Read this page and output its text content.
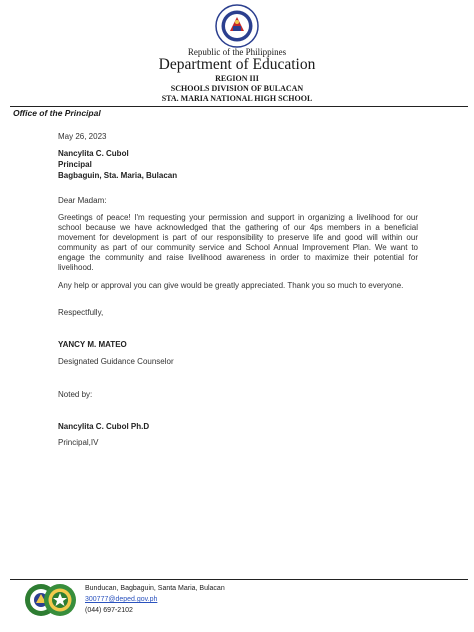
Republic of the Philippines
Department of Education
REGION III
SCHOOLS DIVISION OF BULACAN
STA. MARIA NATIONAL HIGH SCHOOL
Office of the Principal
May 26, 2023
Nancylita C. Cubol
Principal
Bagbaguin, Sta. Maria, Bulacan
Dear Madam:
Greetings of peace! I'm requesting your permission and support in organizing a livelihood for our school because we have acknowledged that the gathering of our 4ps members in a beneficial movement for development is part of our responsibility to preserve life and good will within our community as part of our community service and School Annual Improvement Plan. We want to engage the community and raise livelihood awareness in order to maximize their potential for livelihood.
Any help or approval you can give would be greatly appreciated. Thank you so much to everyone.
Respectfully,
YANCY M. MATEO
Designated Guidance Counselor
Noted by:
Nancylita C. Cubol Ph.D
Principal,IV
Bunducan, Bagbaguin, Santa Maria, Bulacan
300777@deped.gov.ph
(044) 697-2102
